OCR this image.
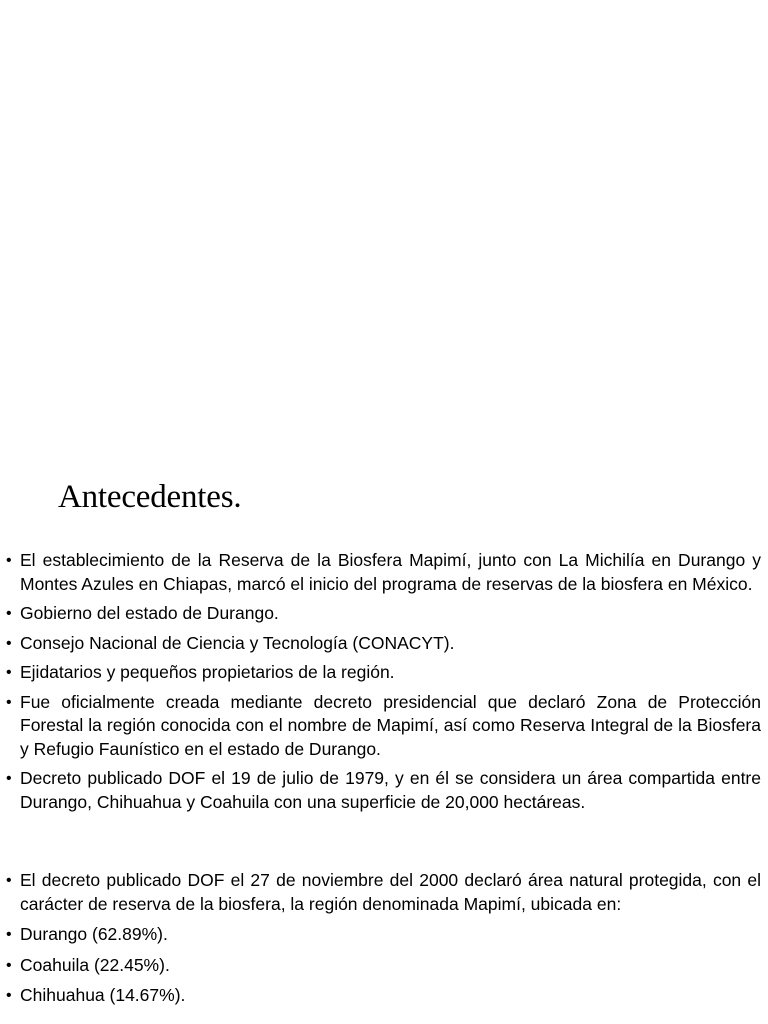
Antecedentes.
• El establecimiento de la Reserva de la Biosfera Mapimí, junto con La Michilía en Durango y Montes Azules en Chiapas, marcó el inicio del programa de reservas de la biosfera en México.
• Gobierno del estado de Durango.
• Consejo Nacional de Ciencia y Tecnología (CONACYT).
• Ejidatarios y pequeños propietarios de la región.
• Fue oficialmente creada mediante decreto presidencial que declaró Zona de Protección Forestal la región conocida con el nombre de Mapimí, así como Reserva Integral de la Biosfera y Refugio Faunístico en el estado de Durango.
• Decreto publicado DOF el 19 de julio de 1979, y en él se considera un área compartida entre Durango, Chihuahua y Coahuila con una superficie de 20,000 hectáreas.
• El decreto publicado DOF el 27 de noviembre del 2000 declaró área natural protegida, con el carácter de reserva de la biosfera, la región denominada Mapimí, ubicada en:
• Durango (62.89%).
• Coahuila (22.45%).
• Chihuahua (14.67%).
